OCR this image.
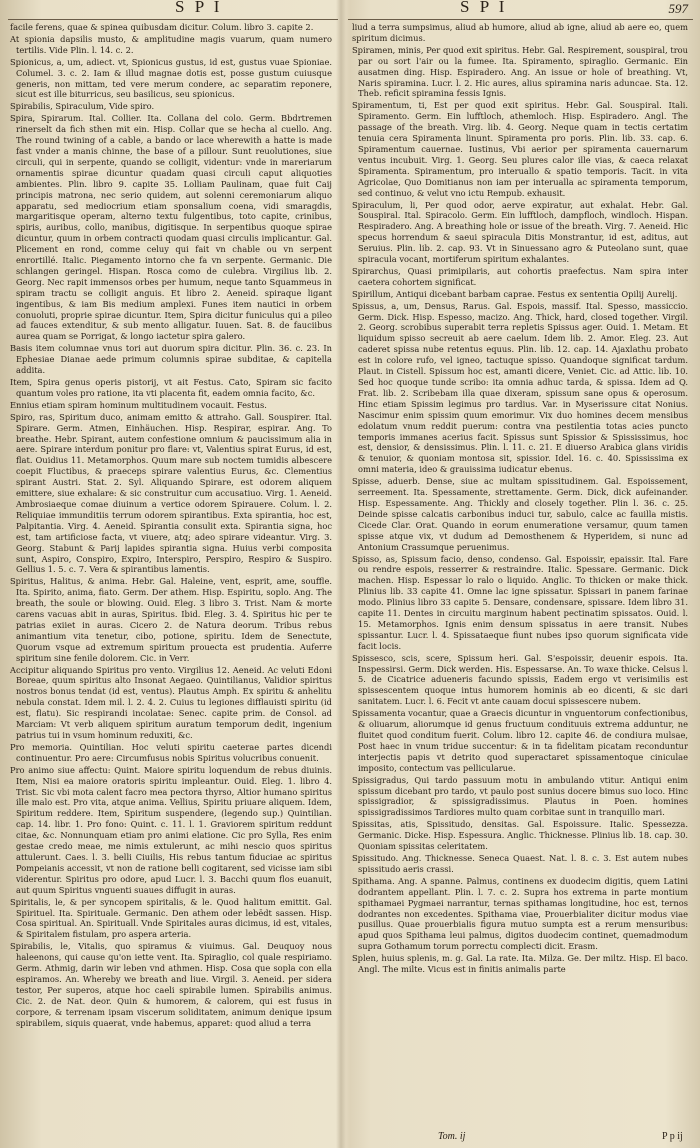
S P I	S P I	597

facile ferens, quae & spinea quibusdam dicitur. Colum. libro 3. capite 2.

At spionia dapsilis musto, & amplitudine magis vuarum, quam numero tertilis. Vide Plin. l. 14. c. 2.

Spionicus, a, um, adiect. vt, Spionicus gustus, id est, gustus vuae Spioniae. Columel. 3. c. 2. Iam & illud magnae dotis est, posse gustum cuiusque generis, non mittam, ted vere merum condere, ac separatim reponere, sicut est ille biturricus, seu basilicus, seu spionicus.

Spirabilis, Spiraculum, Vide spiro.

Spira, Spirarum. Ital. Collier. Ita. Collana del colo. Germ. Bbdrtremen rinerselt da fich sthen mit ein. Hisp. Collar que se hecha al cuello. Ang. The round twining of a cable, a bando or lace wherewith a hatte is made fast vnder a manis chinne, the base of a pillour. Sunt reuolutiones, siue circuli, qui in serpente, quando se colligit, videntur: vnde in mareriarum ornamentis spirae dicuntur quadam quasi circuli caput aliquoties ambientes. Plin. libro 9. capite 35. Lolliam Paulinam, quae fuit Caij principis matrona, nec serio quidem, aut solenni ceremoniarum aliquo apparatu, sed mediocrium etiam sponsalium coena, vidi smaragdis, margaritisque operam, alterno textu fulgentibus, toto capite, crinibus, spiris, auribus, collo, manibus, digitisque. In serpentibus quoque spirae dicuntur, quum in orbem contracti quodam quasi circulis implicantur. Gal. Plicement en rond, comme celuy qui fait vn chable ou vn serpent enrortillé. Italic. Piegamento intorno che fa vn serpente. Germanic. Die schlangen geringel. Hispan. Rosca como de culebra. Virgilius lib. 2. Georg. Nec rapit immensos orbes per humum, neque tanto Squammeus in spiram tractu se colligit anguis. Et libro 2. Aeneid. spiraque ligant ingentibus, & iam Bis medium amplexi. Funes item nautici in orbem conuoluti, proprie spirae dicuntur. Item, Spira dicitur funiculus qui a pileo ad fauces extenditur, & sub mento alligatur. Iuuen. Sat. 8. de fauciibus aurea quam se Porrigat, & longo iactetur spira galero.

Basis item columnae vnus tori aut duorum spira dicitur. Plin. 36. c. 23. In Ephesiae Dianae aede primum columnis spirae subditae, & capitella addita.

Item, Spira genus operis pistorij, vt ait Festus. Cato, Spiram sic facito quantum voles pro ratione, ita vti placenta fit, eadem omnia facito, &c.

Ennius etiam spiram hominum multitudinem vocauit. Festus.

Spiro, ras, Spiritum duco, animam emitto & attraho. Gall. Souspirer. Ital. Spirare. Germ. Atmen, Einhäuchen. Hisp. Respirar, espirar. Ang. To breathe. Hebr. Spirant, autem confestione omnium & paucissimum alia in aere. Spirare interdum ponitur pro flare: vt, Valentius spirat Eurus, id est, flat. Ouidius 11. Metamorphos. Quum mare sub noctem tumidis albescere coepit Fluctibus, & praeceps spirare valentius Eurus, &c. Clementius spirant Austri. Stat. 2. Syl. Aliquando Spirare, est odorem aliquem emittere, siue exhalare: & sic construitur cum accusatiuo. Virg. 1. Aeneid. Ambrosiaeque comae diuinum a vertice odorem Spirauere. Colum. l. 2. Reliquiae immunditiis terrum odorem spirantibus. Exta spirantia, hoc est, Palpitantia. Virg. 4. Aeneid. Spirantia consulit exta. Spirantia signa, hoc est, tam artificiose facta, vt viuere, atq; adeo spirare videantur. Virg. 3. Georg. Stabunt & Parij lapides spirantia signa. Huius verbi composita sunt, Aspiro, Conspiro, Expiro, Interspiro, Perspiro, Respiro & Suspiro. Gellius 1. 5. c. 7. Vera & spirantibus lamentis.

Spiritus, Halitus, & anima. Hebr. Gal. Haleine, vent, esprit, ame, souffle. Ita. Spirito, anima, fiato. Germ. Der athem. Hisp. Espiritu, soplo. Ang. The breath, the soule or blowing. Ouid. Eleg. 3 libro 3. Trist. Nam & morte carens vacuas abit in auras, Spiritus. Ibid. Eleg. 3. 4. Spiritus hic per te patrias exiiet in auras. Cicero 2. de Natura deorum. Tribus rebus animantium vita tenetur, cibo, potione, spiritu. Idem de Senectute, Quorum vsque ad extremum spiritum prouecta est prudentia. Auferre spiritum sine fenile dolorem. Cic. in Verr.

Accipitur aliquando Spiritus pro vento. Virgilius 12. Aeneid. Ac veluti Edoni Boreae, quum spiritus alto Insonat Aegaeo. Quintilianus, Validior spiritus nostros bonus tendat (id est, ventus). Plautus Amph. Ex spiritu & anhelitu nebula constat. Idem mil. l. 2. 4. 2. Cuius tu legiones difflauisti spiritu (id est, flatu). Sic respirandi incolatae: Senec. capite prim. de Consol. ad Marciam: Vt verb aliquem spiritum auratum temporum dedit, ingenium patrius tui in vsum hominum reduxiti, &c.

Pro memoria. Quintilian. Hoc veluti spiritu caeterae partes dicendi continuentur. Pro aere: Circumfusus nobis Spiritus volucribus conuenit.

Pro animo siue affectu: Quint. Maiore spiritu loquendum de rebus diuinis. Item, Nisi ea maiore oratoris spiritu impleantur. Ouid. Eleg. 1. libro 4. Trist. Sic vbi mota calent facro mea pectora thyrso, Altior humano spiritus ille malo est. Pro vita, atque anima. Vellius, Spiritu priuare aliquem. Idem, Spiritum reddere. Item, Spiritum suspendere, (legendo sup.) Quintilian. cap. 14. libr. 1. Pro fono: Quint. c. 11. l. 1. Graviorem spiritum reddunt citae, &c. Nonnunquam etiam pro animi elatione. Cic pro Sylla, Res enim gestae credo meae, me nimis extulerunt, ac mihi nescio quos spiritus attulerunt. Caes. l. 3. belli Ciuilis, His rebus tantum fiduciae ac spiritus Pompeianis accessit, vt non de ratione belli cogitarent, sed vicisse iam sibi viderentur. Spiritus pro odore, apud Lucr. l. 3. Bacchi quum flos euanuit, aut quum Spiritus vnguenti suaues diffugit in auras.

Spiritalis, le, & per syncopem spiritalis, & le. Quod halitum emittit. Gal. Spirituel. Ita. Spirituale. Germanic. Den athem oder lebēdt sassen. Hisp. Cosa spiritual. An. Spirituall. Vnde Spiritales auras dicimus, id est, vitales, & Spiritalem fistulam, pro aspera arteria.

Spirabilis, le, Vitalis, quo spiramus & viuimus. Gal. Deuquoy nous haleenons, qui cause qu'on iette vent. Ita. Spiraglio, col quale respiriamo. Germ. Athmig, darin wir leben vnd athmen. Hisp. Cosa que sopla con ella espiramos. An. Whereby we breath and liue. Virgil. 3. Aeneid. per sidera testor, Per superos, atque hoc caeli spirabile lumen. Spirabilis animus. Cic. 2. de Nat. deor. Quin & humorem, & calorem, qui est fusus in corpore, & terrenam ipsam viscerum soliditatem, animum denique ipsum spirabilem, siquis quaerat, vnde habemus, apparet: quod aliud a terra

liud a terra sumpsimus, aliud ab humore, aliud ab igne, aliud ab aere eo, quem spiritum dicimus.

Spiramen, minis, Per quod exit spiritus. Hebr. Gal. Respirement, souspiral, trou par ou sort l'air ou la fumee. Ita. Spiramento, spiraglio. Germanic. Ein ausatmen ding. Hisp. Espiradero. Ang. An issue or hole of breathing. Vt, Naris spiramina. Lucr. l. 2. Hic aures, alius spiramina naris aduncae. Sta. 12. Theb. reficit spiramina fessis Ignis.

Spiramentum, ti, Est per quod exit spiritus. Hebr. Gal. Souspiral. Itali. Spiramento. Germ. Ein lufftloch, athemloch. Hisp. Espiradero. Angl. The passage of the breath. Virg. lib. 4. Georg. Neque quam in tectis certatim tenuia cera Spiramenta linunt. Spiramenta pro poris. Plin. lib. 33. cap. 6. Spiramentum cauernae. Iustinus, Vbi aerior per spiramenta cauernarum ventus incubuit. Virg. 1. Georg. Seu plures calor ille vias, & caeca relaxat Spiramenta. Spiramentum, pro interuallo & spatio temporis. Tacit. in vita Agricolae, Quo Domitianus non iam per interualla ac spiramenta temporum, sed continuo, & velut vno ictu Rempub. exhausit.

Spiraculum, li, Per quod odor, aerve expiratur, aut exhalat. Hebr. Gal. Souspiral. Ital. Spiracolo. Germ. Ein lufftloch, dampfloch, windloch. Hispan. Respiradero. Ang. A breathing hole or issue of the breath. Virg. 7. Aeneid. Hic specus horrendum & saeui spiracula Ditis Monstrantur, id est, aditus, aut Seruius. Plin. lib. 2. cap. 93. Vt in Sinuessano agro & Puteolano sunt, quae spiracula vocant, mortiferum spiritum exhalantes.

Spirarchus, Quasi primipilaris, aut cohortis praefectus. Nam spira inter caetera cohortem significat.

Spirillum, Antiqui dicebant barbam caprae. Festus ex sententia Opilij Aurelij.

Spissus, a, um, Densus, Rarus. Gal. Espois, massif. Ital. Spesso, massiccio. Germ. Dick. Hisp. Espesso, macizo. Ang. Thick, hard, closed together. Virgil. 2. Georg. scrobibus superabit terra repletis Spissus ager. Ouid. 1. Metam. Et liquidum spisso secreuit ab aere caelum. Idem lib. 2. Amor. Eleg. 23. Aut caderet spissa nube retentus equus. Plin. lib. 12. cap. 14. Ajaxlathu probato est in colore rufo, vel igneo, tactuque spisso. Quandoque significat tardum. Plaut. in Cistell. Spissum hoc est, amanti dicere, Veniet. Cic. ad Attic. lib. 10. Sed hoc quoque tunde scribo: ita omnia adhuc tarda, & spissa. Idem ad Q. Frat. lib. 2. Scribebam illa quae dixeram, spissum sane opus & operosum. Hinc etiam Spissim legimus pro tardius. Var. in Myserissure citat Nonius. Nascimur enim spissim quum emorimur. Vix duo homines decem mensibus edolatum vnum reddit puerum: contra vna pestilentia totas acies puncto temporis immanes acerius facit. Spissus sunt Spissior & Spississimus, hoc est, densior, & densissimus. Plin. l. 11. c. 21. E diuerso Arabica glans viridis & tenuior, & quoniam montosa sit, spissior. Idel. 16. c. 40. Spississima ex omni materia, ideo & grauissima iudicatur ebenus.

Spisse, aduerb. Dense, siue ac multam spissitudinem. Gal. Espoissement, serreement. Ita. Spessamente, strettamente. Germ. Dick, dick aufeinander. Hisp. Espessamente. Ang. Thickly and closely together. Plin l. 36. c. 25. Deinde spisse calcatis carbonibus induci tur, sabulo, calce ac fauilla mistis. Cicede Clar. Orat. Quando in eorum enumeratione versamur, quum tamen spisse atque vix, vt dudum ad Demosthenem & Hyperidem, si nunc ad Antonium Crassumque peruenimus.

Spisso, as, Spissum facio, denso, condenso. Gal. Espoissir, epaissir. Ital. Fare ou rendre espois, resserrer & restraindre. Italic. Spessare. Germanic. Dick machen. Hisp. Espessar lo ralo o liquido. Anglic. To thicken or make thick. Plinius lib. 33 capite 41. Omne lac igne spissatur. Spissari in panem farinae modo. Plinius libro 33 capite 5. Densare, condensare, spissare. Idem libro 31. capite 11. Dentes in circuitu marginum habent pectinatim spissatos. Ouid. l. 15. Metamorphos. Ignis enim densum spissatus in aere transit. Nubes spissantur. Lucr. l. 4. Spissataeque fiunt nubes ipso quorum significata vide facit locis.

Spissesco, scis, scere, Spissum heri. Gal. S'espoissir, deuenir espois. Ita. Inspessirsi. Germ. Dick werden. His. Espessarse. An. To waxe thicke. Celsus l. 5. de Cicatrice adueneris facundo spissis, Eadem ergo vt verisimilis est spissescentem quoque intus humorem hominis ab eo dicenti, & sic dari sanitatem. Lucr. l. 6. Fecit vt ante cauam docui spissescere nubem.

Spissamenta vocantur, quae a Graecis dicuntur in vnguentorum confectionibus, & oliuarum, aliorumque id genus fructuum condituuis extrema adduntur, ne fluitet quod conditum fuerit. Colum. libro 12. capite 46. de condiura mulsae, Post haec in vnum tridue succentur: & in ta fidelitam picatam reconduntur interjectis papis vt detrito quod superactaret spissamentoque ciniculae imposito, contectum vas pellicularue.

Spissigradus, Qui tardo passuum motu in ambulando vtitur. Antiqui enim spissum dicebant pro tardo, vt paulo post sunius docere bimus suo loco. Hinc spissigradior, & spissigradissimus. Plautus in Poen. homines spissigradissimos Tardiores multo quam corbitae sunt in tranquillo mari.

Spissitas, atis, Spissitudo, densitas. Gal. Espoissure. Italic. Spessezza. Germanic. Dicke. Hisp. Espessura. Anglic. Thicknesse. Plinius lib. 18. cap. 30. Quoniam spissitas celeritatem.

Spissitudo. Ang. Thicknesse. Seneca Quaest. Nat. l. 8. c. 3. Est autem nubes spissitudo aeris crassi.

Spithama. Ang. A spanne. Palmus, continens ex duodecim digitis, quem Latini dodrantem appellant. Plin. l. 7. c. 2. Supra hos extrema in parte montium spithamaei Pygmaei narrantur, ternas spithamas longitudine, hoc est, ternos dodrantes non excedentes. Spithama viae, Prouerbialiter dicitur modus viae pusillus. Quae prouerbialis figura mutuo sumpta est a rerum mensuribus: apud quos Spithama leui palmus, digitos duodecim continet, quemadmodum supra Gothamum torum porrectu complecti dicit. Erasm.

Splen, huius splenis, m. g. Gal. La rate. Ita. Milza. Ge. Der miltz. Hisp. El baco. Angl. The milte. Vicus est in finitis animalis parte

Tom. ij	P p ij
